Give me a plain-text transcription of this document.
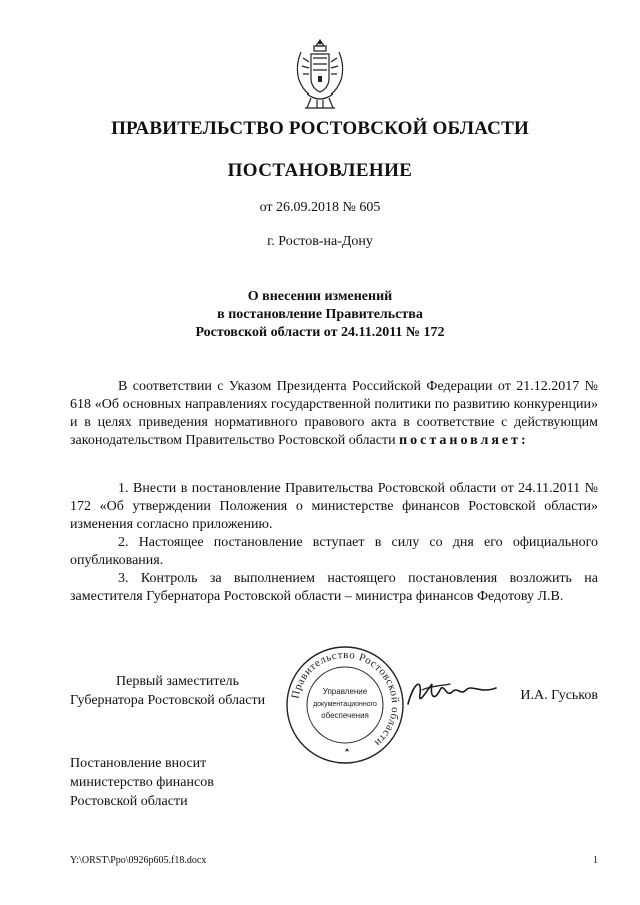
ПРАВИТЕЛЬСТВО РОСТОВСКОЙ ОБЛАСТИ
ПОСТАНОВЛЕНИЕ
от 26.09.2018 № 605
г. Ростов-на-Дону
О внесении изменений
в постановление Правительства
Ростовской области от 24.11.2011 № 172

В соответствии с Указом Президента Российской Федерации от 21.12.2017 № 618 «Об основных направлениях государственной политики по развитию конкуренции» и в целях приведения нормативного правового акта в соответствие с действующим законодательством Правительство Ростовской области постановляет:

1. Внести в постановление Правительства Ростовской области от 24.11.2011 № 172 «Об утверждении Положения о министерстве финансов Ростовской области» изменения согласно приложению.

2. Настоящее постановление вступает в силу со дня его официального опубликования.

3. Контроль за выполнением настоящего постановления возложить на заместителя Губернатора Ростовской области – министра финансов Федотову Л.В.

Первый заместитель
Губернатора Ростовской области Правительство Ростовской области
Управление
документационного
обеспечения
И.А. Гуськов
Постановление вносит
министерство финансов
Ростовской области
Y:\ORST\Ppo\0926p605.f18.docx	1
